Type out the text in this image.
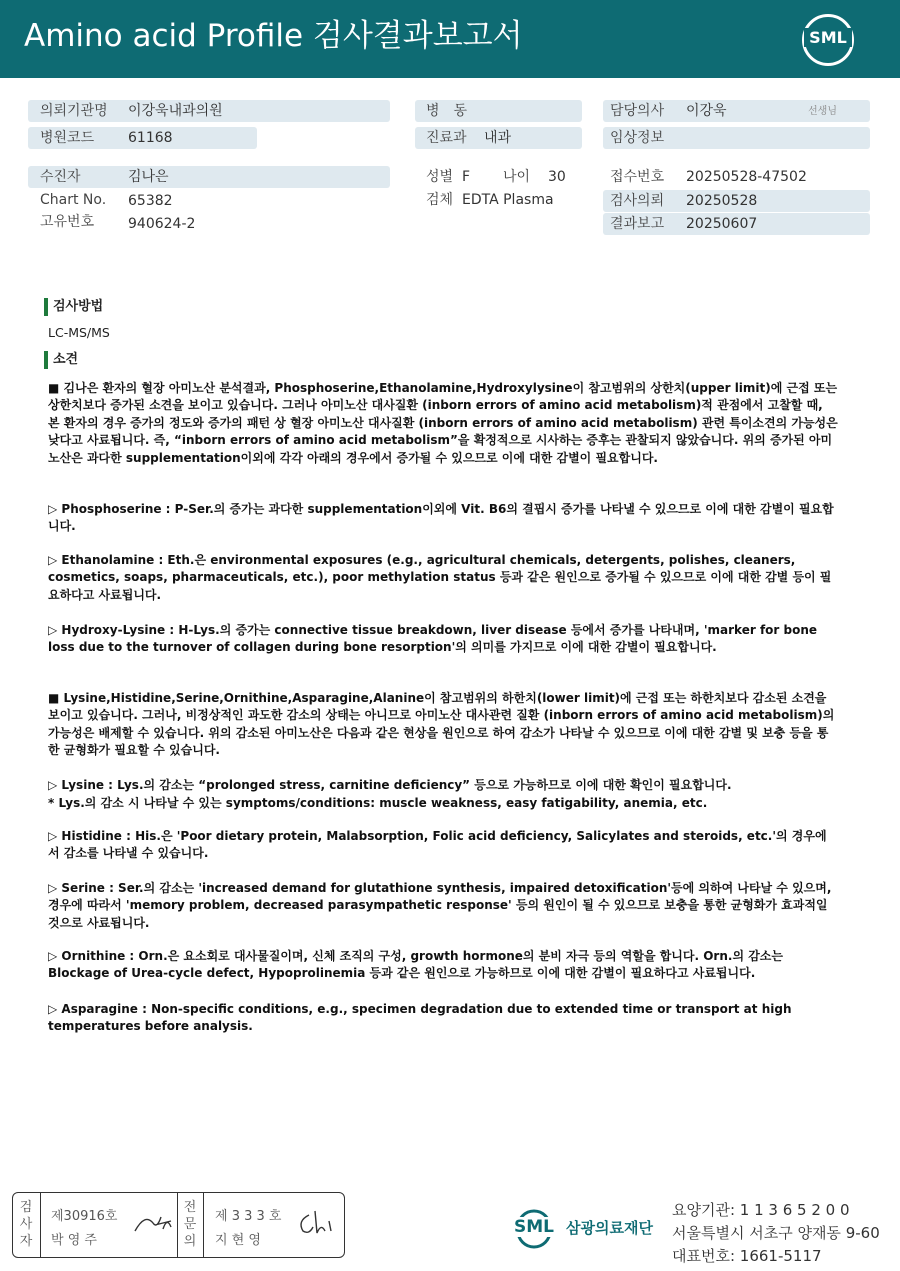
Amino acid Profile 검사결과보고서	SML
의뢰기관명 이강욱내과의원
병원코드 61168
수진자	김나은
Chart No. 65382
고유번호 940624-2
병　동
진료과 내과
성별 F 나이 30
검체 EDTA Plasma
담당의사 이강욱	선생님
임상정보
접수번호 20250528-47502
검사의뢰 20250528
결과보고 20250607
검사방법
LC-MS/MS
소견
■ 김나은 환자의 혈장 아미노산 분석결과, Phosphoserine,Ethanolamine,Hydroxylysine이 참고범위의 상한치(upper limit)에 근접 또는 상한치보다 증가된 소견을 보이고 있습니다. 그러나 아미노산 대사질환 (inborn errors of amino acid metabolism)적 관점에서 고찰할 때, 본 환자의 경우 증가의 정도와 증가의 패턴 상 혈장 아미노산 대사질환 (inborn errors of amino acid metabolism) 관련 특이소견의 가능성은 낮다고 사료됩니다. 즉, “inborn errors of amino acid metabolism”을 확정적으로 시사하는 증후는 관찰되지 않았습니다. 위의 증가된 아미노산은 과다한 supplementation이외에 각각 아래의 경우에서 증가될 수 있으므로 이에 대한 감별이 필요합니다.
▷ Phosphoserine : P-Ser.의 증가는 과다한 supplementation이외에 Vit. B6의 결핍시 증가를 나타낼 수 있으므로 이에 대한 감별이 필요합니다.
▷ Ethanolamine : Eth.은 environmental exposures (e.g., agricultural chemicals, detergents, polishes, cleaners, cosmetics, soaps, pharmaceuticals, etc.), poor methylation status 등과 같은 원인으로 증가될 수 있으므로 이에 대한 감별 등이 필요하다고 사료됩니다.
▷ Hydroxy-Lysine : H-Lys.의 증가는 connective tissue breakdown, liver disease 등에서 증가를 나타내며, 'marker for bone loss due to the turnover of collagen during bone resorption'의 의미를 가지므로 이에 대한 감별이 필요합니다.
■ Lysine,Histidine,Serine,Ornithine,Asparagine,Alanine이 참고범위의 하한치(lower limit)에 근접 또는 하한치보다 감소된 소견을 보이고 있습니다. 그러나, 비정상적인 과도한 감소의 상태는 아니므로 아미노산 대사관련 질환 (inborn errors of amino acid metabolism)의 가능성은 배제할 수 있습니다. 위의 감소된 아미노산은 다음과 같은 현상을 원인으로 하여 감소가 나타날 수 있으므로 이에 대한 감별 및 보충 등을 통한 균형화가 필요할 수 있습니다.
▷ Lysine : Lys.의 감소는 “prolonged stress, carnitine deficiency” 등으로 가능하므로 이에 대한 확인이 필요합니다.
* Lys.의 감소 시 나타날 수 있는 symptoms/conditions: muscle weakness, easy fatigability, anemia, etc.
▷ Histidine : His.은 'Poor dietary protein, Malabsorption, Folic acid deficiency, Salicylates and steroids, etc.'의 경우에서 감소를 나타낼 수 있습니다.
▷ Serine : Ser.의 감소는 'increased demand for glutathione synthesis, impaired detoxification'등에 의하여 나타날 수 있으며, 경우에 따라서 'memory problem, decreased parasympathetic response' 등의 원인이 될 수 있으므로 보충을 통한 균형화가 효과적일 것으로 사료됩니다.
▷ Ornithine : Orn.은 요소회로 대사물질이며, 신체 조직의 구성, growth hormone의 분비 자극 등의 역할을 합니다. Orn.의 감소는 Blockage of Urea-cycle defect, Hypoprolinemia 등과 같은 원인으로 가능하므로 이에 대한 감별이 필요하다고 사료됩니다.
▷ Asparagine : Non-specific conditions, e.g., specimen degradation due to extended time or transport at high temperatures before analysis.
검사자
제30916호
박 영 주
전문의
제 3 3 3 호
지 현 영
SML 삼광의료재단
요양기관: 1 1 3 6 5 2 0 0
서울특별시 서초구 양재동 9-60
대표번호: 1661-5117
